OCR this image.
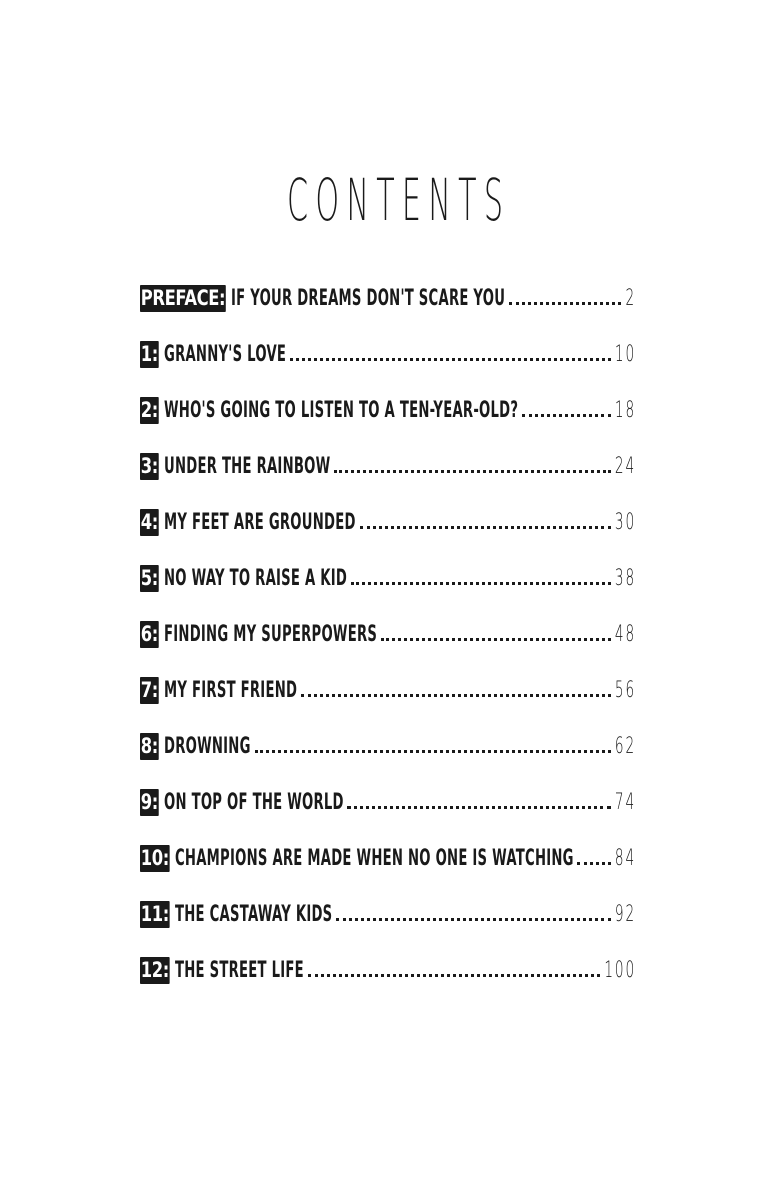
CONTENTS
PREFACE: IF YOUR DREAMS DON'T SCARE YOU	2
1: GRANNY'S LOVE	10
2: WHO'S GOING TO LISTEN TO A TEN-YEAR-OLD?	18
3: UNDER THE RAINBOW	24
4: MY FEET ARE GROUNDED	30
5: NO WAY TO RAISE A KID	38
6: FINDING MY SUPERPOWERS	48
7: MY FIRST FRIEND	56
8: DROWNING	62
9: ON TOP OF THE WORLD	74
10: CHAMPIONS ARE MADE WHEN NO ONE IS WATCHING 84
11: THE CASTAWAY KIDS	92
12: THE STREET LIFE	100
